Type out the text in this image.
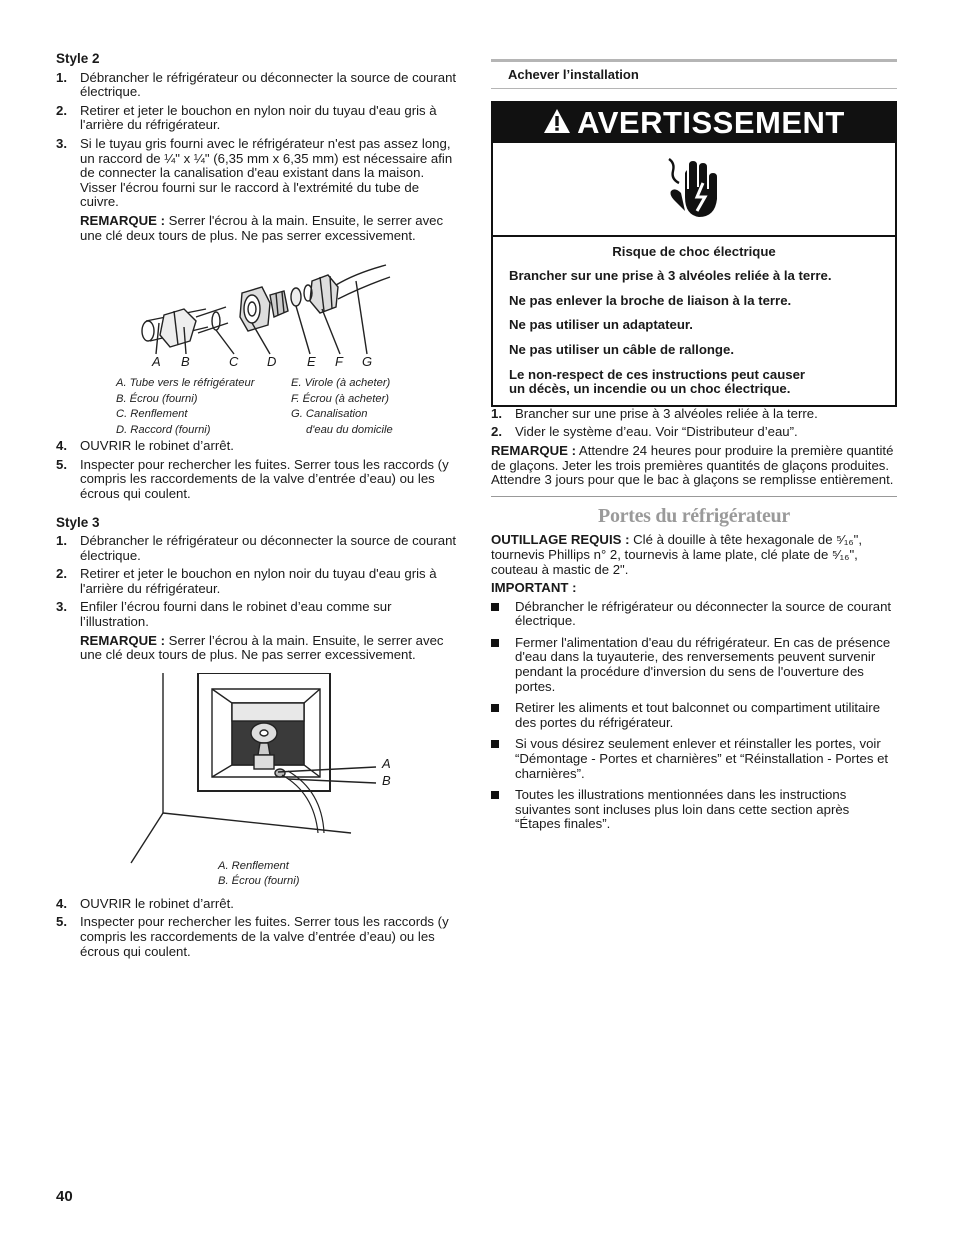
Style 2
1. Débrancher le réfrigérateur ou déconnecter la source de courant électrique.
2. Retirer et jeter le bouchon en nylon noir du tuyau d'eau gris à l'arrière du réfrigérateur.
3. Si le tuyau gris fourni avec le réfrigérateur n'est pas assez long, un raccord de ¼" x ¼" (6,35 mm x 6,35 mm) est nécessaire afin de connecter la canalisation d'eau existant dans la maison. Visser l'écrou fourni sur le raccord à l'extrémité du tube de cuivre.
REMARQUE : Serrer l'écrou à la main. Ensuite, le serrer avec une clé deux tours de plus. Ne pas serrer excessivement.
A B	C D E F G
A. Tube vers le réfrigérateur
B. Écrou (fourni)
C. Renflement
D. Raccord (fourni)
E. Virole (à acheter)
F. Écrou (à acheter)
G. Canalisation
d'eau du domicile
4. OUVRIR le robinet d’arrêt.
5. Inspecter pour rechercher les fuites. Serrer tous les raccords (y compris les raccordements de la valve d’entrée d’eau) ou les écrous qui coulent.
Style 3
1. Débrancher le réfrigérateur ou déconnecter la source de courant électrique.
2. Retirer et jeter le bouchon en nylon noir du tuyau d'eau gris à l'arrière du réfrigérateur.
3. Enfiler l’écrou fourni dans le robinet d’eau comme sur l’illustration.
REMARQUE : Serrer l’écrou à la main. Ensuite, le serrer avec une clé deux tours de plus. Ne pas serrer excessivement.
A
B
A. Renflement
B. Écrou (fourni)
4. OUVRIR le robinet d’arrêt.
5. Inspecter pour rechercher les fuites. Serrer tous les raccords (y compris les raccordements de la valve d’entrée d’eau) ou les écrous qui coulent.
Achever l’installation
AVERTISSEMENT

Risque de choc électrique

Brancher sur une prise à 3 alvéoles reliée à la terre.

Ne pas enlever la broche de liaison à la terre.

Ne pas utiliser un adaptateur.

Ne pas utiliser un câble de rallonge.

Le non-respect de ces instructions peut causer

un décès, un incendie ou un choc électrique.

1. Brancher sur une prise à 3 alvéoles reliée à la terre.
2. Vider le système d’eau. Voir “Distributeur d’eau”.
REMARQUE : Attendre 24 heures pour produire la première quantité de glaçons. Jeter les trois premières quantités de glaçons produites. Attendre 3 jours pour que le bac à glaçons se remplisse entièrement.
Portes du réfrigérateur
OUTILLAGE REQUIS : Clé à douille à tête hexagonale de ⁵⁄₁₆", tournevis Phillips n° 2, tournevis à lame plate, clé plate de ⁵⁄₁₆", couteau à mastic de 2".
IMPORTANT :
Débrancher le réfrigérateur ou déconnecter la source de courant électrique.
Fermer l'alimentation d'eau du réfrigérateur. En cas de présence d'eau dans la tuyauterie, des renversements peuvent survenir pendant la procédure d'inversion du sens de l'ouverture des portes.
Retirer les aliments et tout balconnet ou compartiment utilitaire des portes du réfrigérateur.
Si vous désirez seulement enlever et réinstaller les portes, voir “Démontage - Portes et charnières” et “Réinstallation - Portes et charnières”.
Toutes les illustrations mentionnées dans les instructions suivantes sont incluses plus loin dans cette section après “Étapes finales”.
40
